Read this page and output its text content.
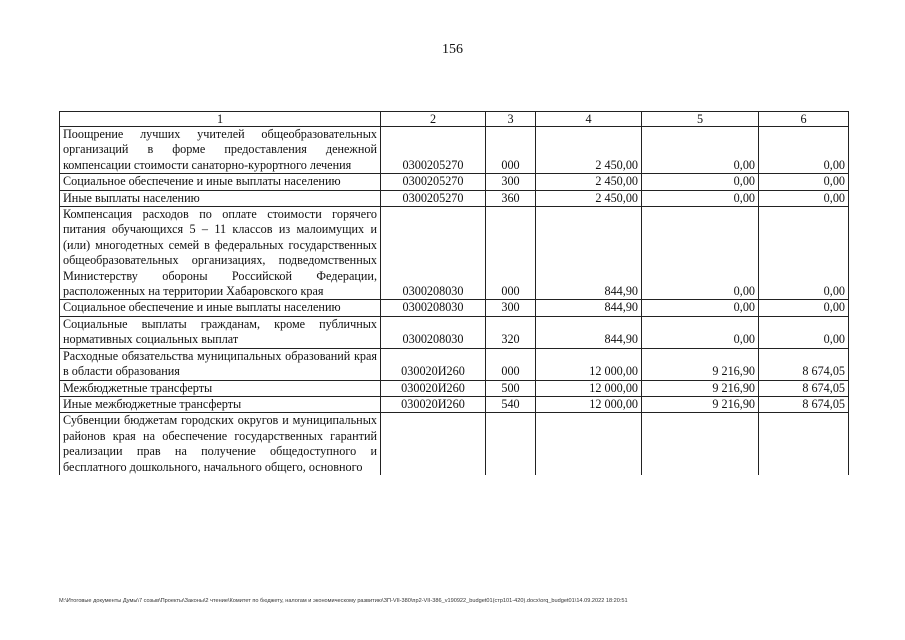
156
1	2	3	4	5	6
Поощрение лучших учителей общеобразовательных организаций в форме предоставления денежной компенсации стоимости санаторно-курортного лечения	0300205270	000	2 450,00	0,00	0,00
Социальное обеспечение и иные выплаты населению	0300205270	300	2 450,00	0,00	0,00
Иные выплаты населению	0300205270	360	2 450,00	0,00	0,00
Компенсация расходов по оплате стоимости горячего питания обучающихся 5 – 11 классов из малоимущих и (или) многодетных семей в федеральных государственных общеобразовательных организациях, подведомственных Министерству обороны Российской Федерации, расположенных на территории Хабаровского края	0300208030	000	844,90	0,00	0,00
Социальное обеспечение и иные выплаты населению	0300208030	300	844,90	0,00	0,00
Социальные выплаты гражданам, кроме публичных нормативных социальных выплат	0300208030	320	844,90	0,00	0,00
Расходные обязательства муниципальных образований края в области образования	030020И260	000	12 000,00	9 216,90	8 674,05
Межбюджетные трансферты	030020И260	500	12 000,00	9 216,90	8 674,05
Иные межбюджетные трансферты	030020И260	540	12 000,00	9 216,90	8 674,05
Субвенции бюджетам городских округов и муниципальных районов края на обеспечение государственных гарантий реализации прав на получение общедоступного и бесплатного дошкольного, начального общего, основного					
M:\Итоговые документы Думы\7 созыв\Проекты\Законы\2 чтение\Комитет по бюджету, налогам и экономическому развитию\ЗП-VII-380\пр2-VII-386_v190922_budget01(стр101-420).docx\orq_budget01\14.09.2022 18:20:51
